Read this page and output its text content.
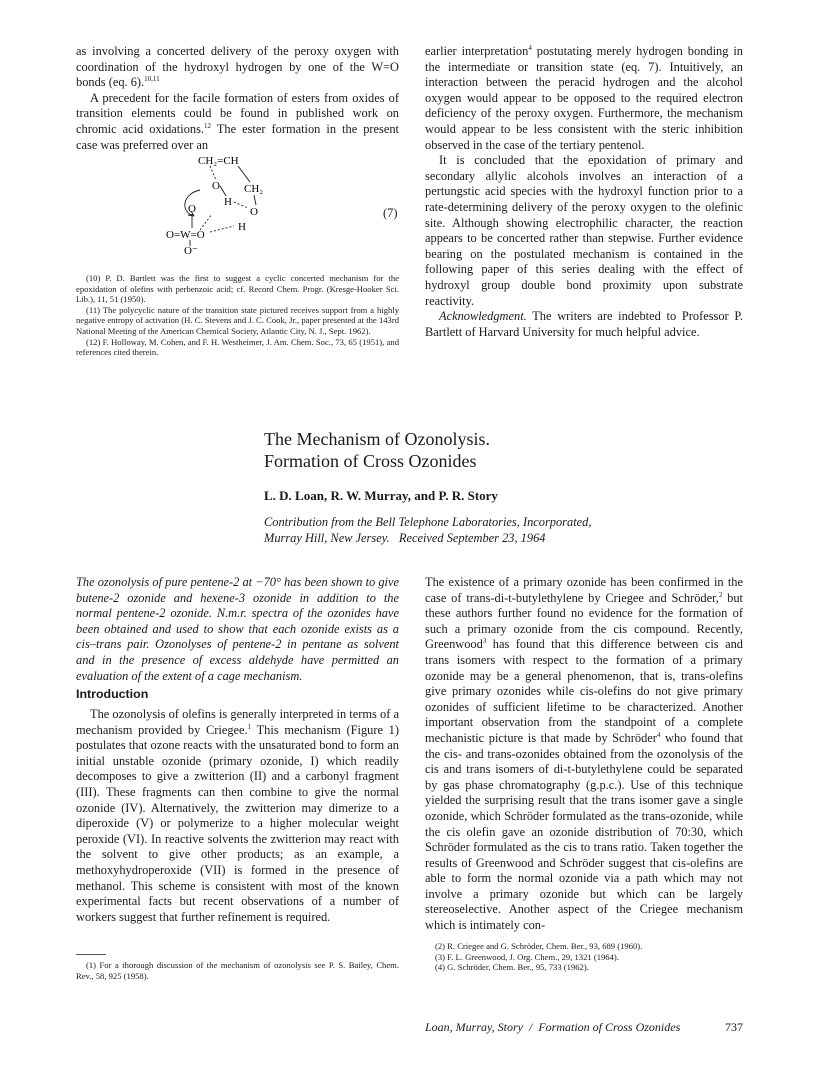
as involving a concerted delivery of the peroxy oxygen with coordination of the hydroxyl hydrogen by one of the W=O bonds (eq. 6).$^{10,11}$

A precedent for the facile formation of esters from oxides of transition elements could be found in published work on chromic acid oxidations.$^{12}$ The ester formation in the present case was preferred over an

CH₂=CH
O CH₂
H
O
O
H
O=W=O
O⁻
(7)

(10) P. D. Bartlett was the first to suggest a cyclic concerted mechanism for the epoxidation of olefins with perbenzoic acid; cf. Record Chem. Progr. (Kresge-Hooker Sci. Lib.), 11, 51 (1950).

(11) The polycyclic nature of the transition state pictured receives support from a highly negative entropy of activation (H. C. Stevens and J. C. Cook, Jr., paper presented at the 143rd National Meeting of the American Chemical Society, Atlantic City, N. J., Sept. 1962).

(12) F. Holloway, M. Cohen, and F. H. Westheimer, J. Am. Chem. Soc., 73, 65 (1951), and references cited therein.

earlier interpretation$^4$ postutating merely hydrogen bonding in the intermediate or transition state (eq. 7). Intuitively, an interaction between the peracid hydrogen and the alcohol oxygen would appear to be opposed to the required electron deficiency of the peroxy oxygen. Furthermore, the mechanism would appear to be less consistent with the steric inhibition observed in the case of the tertiary pentenol.

It is concluded that the epoxidation of primary and secondary allylic alcohols involves an interaction of a pertungstic acid species with the hydroxyl function prior to a rate-determining delivery of the peroxy oxygen to the olefinic site. Although showing electrophilic character, the reaction appears to be concerted rather than stepwise. Further evidence bearing on the postulated mechanism is contained in the following paper of this series dealing with the effect of hydroxyl group double bond proximity upon substrate reactivity.

Acknowledgment. The writers are indebted to Professor P. Bartlett of Harvard University for much helpful advice.

The Mechanism of Ozonolysis.
Formation of Cross Ozonides
L. D. Loan, R. W. Murray, and P. R. Story
Contribution from the Bell Telephone Laboratories, Incorporated,
Murray Hill, New Jersey.   Received September 23, 1964

The ozonolysis of pure pentene-2 at −70° has been shown to give butene-2 ozonide and hexene-3 ozonide in addition to the normal pentene-2 ozonide. N.m.r. spectra of the ozonides have been obtained and used to show that each ozonide exists as a cis–trans pair. Ozonolyses of pentene-2 in pentane as solvent and in the presence of excess aldehyde have permitted an evaluation of the extent of a cage mechanism.

Introduction

The ozonolysis of olefins is generally interpreted in terms of a mechanism provided by Criegee.$^1$ This mechanism (Figure 1) postulates that ozone reacts with the unsaturated bond to form an initial unstable ozonide (primary ozonide, I) which readily decomposes to give a zwitterion (II) and a carbonyl fragment (III). These fragments can then combine to give the normal ozonide (IV). Alternatively, the zwitterion may dimerize to a diperoxide (V) or polymerize to a higher molecular weight peroxide (VI). In reactive solvents the zwitterion may react with the solvent to give other products; as an example, a methoxyhydroperoxide (VII) is formed in the presence of methanol. This scheme is consistent with most of the known experimental facts but recent observations of a number of workers suggest that further refinement is required.

(1) For a thorough discussion of the mechanism of ozonolysis see P. S. Bailey, Chem. Rev., 58, 925 (1958).

The existence of a primary ozonide has been confirmed in the case of trans-di-t-butylethylene by Criegee and Schröder,$^2$ but these authors further found no evidence for the formation of such a primary ozonide from the cis compound. Recently, Greenwood$^3$ has found that this difference between cis and trans isomers with respect to the formation of a primary ozonide may be a general phenomenon, that is, trans-olefins give primary ozonides while cis-olefins do not give primary ozonides of sufficient lifetime to be characterized. Another important observation from the standpoint of a complete mechanistic picture is that made by Schröder$^4$ who found that the cis- and trans-ozonides obtained from the ozonolysis of the cis and trans isomers of di-t-butylethylene could be separated by gas phase chromatography (g.p.c.). Use of this technique yielded the surprising result that the trans isomer gave a single ozonide, which Schröder formulated as the trans-ozonide, while the cis olefin gave an ozonide distribution of 70:30, which Schröder formulated as the cis to trans ratio. Taken together the results of Greenwood and Schröder suggest that cis-olefins are able to form the normal ozonide via a path which may not involve a primary ozonide but which can be largely stereoselective. Another aspect of the Criegee mechanism which is intimately con-

(2) R. Criegee and G. Schröder, Chem. Ber., 93, 689 (1960).

(3) F. L. Greenwood, J. Org. Chem., 29, 1321 (1964).

(4) G. Schröder, Chem. Ber., 95, 733 (1962).

Loan, Murray, Story  /  Formation of Cross Ozonides	737
